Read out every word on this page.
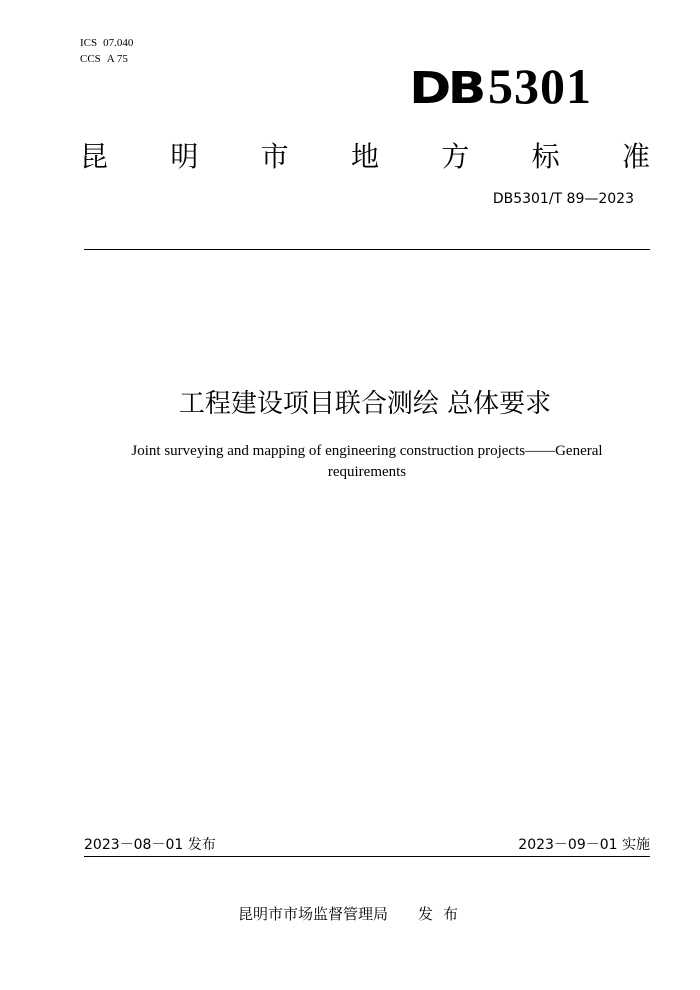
ICS 07.040
CCS A 75
DB 5301
昆 明 市 地 方 标 准
DB5301/T 89—2023
工程建设项目联合测绘 总体要求
Joint surveying and mapping of engineering construction projects——General requirements
2023－08－01 发布	2023－09－01 实施
昆明市市场监督管理局 发布
